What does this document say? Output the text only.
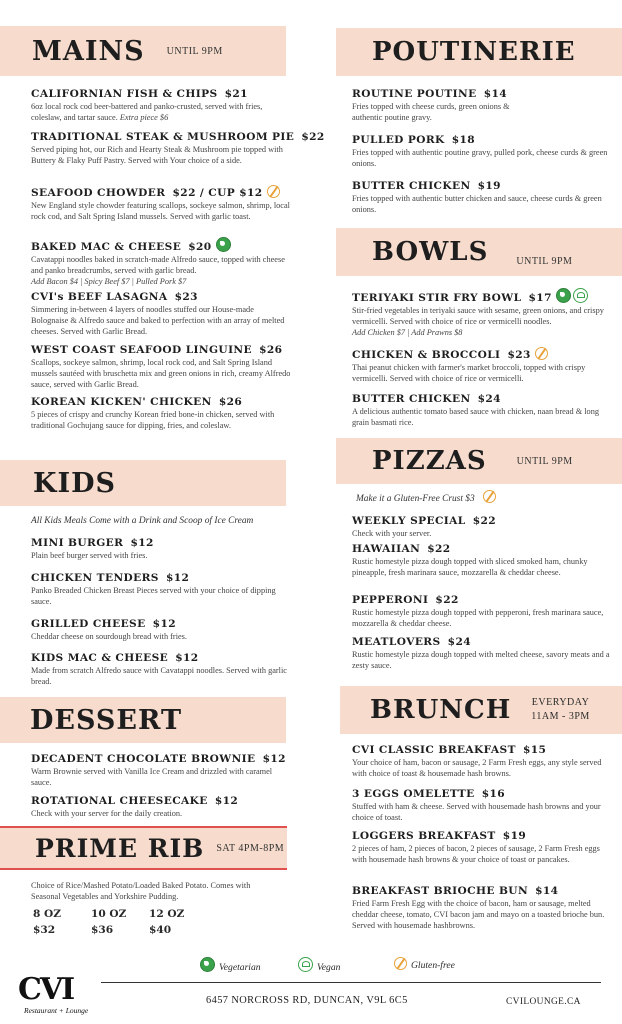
MAINS UNTIL 9PM
CALIFORNIAN FISH & CHIPS $21
6oz local rock cod beer-battered and panko-crusted, served with fries, coleslaw, and tartar sauce. Extra piece $6
TRADITIONAL STEAK & MUSHROOM PIE $22
Served piping hot, our Rich and Hearty Steak & Mushroom pie topped with Buttery & Flaky Puff Pastry. Served with Your choice of a side.
SEAFOOD CHOWDER $22 / CUP $12
New England style chowder featuring scallops, sockeye salmon, shrimp, local rock cod, and Salt Spring Island mussels. Served with garlic toast.
BAKED MAC & CHEESE $20
Cavatappi noodles baked in scratch-made Alfredo sauce, topped with cheese and panko breadcrumbs, served with garlic bread.
Add Bacon $4 | Spicy Beef $7 | Pulled Pork $7
CVI's BEEF LASAGNA $23
Simmering in-between 4 layers of noodles stuffed our House-made Bolognaise & Alfredo sauce and baked to perfection with an array of melted cheeses. Served with Garlic Bread.
WEST COAST SEAFOOD LINGUINE $26
Scallops, sockeye salmon, shrimp, local rock cod, and Salt Spring Island mussels sautéed with bruschetta mix and green onions in rich, creamy Alfredo sauce, served with Garlic Bread.
KOREAN KICKEN' CHICKEN $26
5 pieces of crispy and crunchy Korean fried bone-in chicken, served with traditional Gochujang sauce for dipping, fries, and coleslaw.
KIDS
All Kids Meals Come with a Drink and Scoop of Ice Cream
MINI BURGER $12
Plain beef burger served with fries.
CHICKEN TENDERS $12
Panko Breaded Chicken Breast Pieces served with your choice of dipping sauce.
GRILLED CHEESE $12
Cheddar cheese on sourdough bread with fries.
KIDS MAC & CHEESE $12
Made from scratch Alfredo sauce with Cavatappi noodles. Served with garlic bread.
DESSERT
DECADENT CHOCOLATE BROWNIE $12
Warm Brownie served with Vanilla Ice Cream and drizzled with caramel sauce.
ROTATIONAL CHEESECAKE $12
Check with your server for the daily creation.
PRIME RIB SAT 4PM-8PM
Choice of Rice/Mashed Potato/Loaded Baked Potato. Comes with Seasonal Vegetables and Yorkshire Pudding.
8 OZ	10 OZ 12 OZ
$32	$36	$40
POUTINERIE
ROUTINE POUTINE $14
Fries topped with cheese curds, green onions & authentic poutine gravy.
PULLED PORK $18
Fries topped with authentic poutine gravy, pulled pork, cheese curds & green onions.
BUTTER CHICKEN $19
Fries topped with authentic butter chicken and sauce, cheese curds & green onions.
BOWLS	UNTIL 9PM
TERIYAKI STIR FRY BOWL $17
Stir-fried vegetables in teriyaki sauce with sesame, green onions, and crispy vermicelli. Served with choice of rice or vermicelli noodles.
Add Chicken $7 | Add Prawns $8
CHICKEN & BROCCOLI $23
Thai peanut chicken with farmer's market broccoli, topped with crispy vermicelli. Served with choice of rice or vermicelli.
BUTTER CHICKEN $24
A delicious authentic tomato based sauce with chicken, naan bread & long grain basmati rice.
PIZZAS	UNTIL 9PM
Make it a Gluten-Free Crust $3
WEEKLY SPECIAL $22
Check with your server.
HAWAIIAN $22
Rustic homestyle pizza dough topped with sliced smoked ham, chunky pineapple, fresh marinara sauce, mozzarella & cheddar cheese.
PEPPERONI $22
Rustic homestyle pizza dough topped with pepperoni, fresh marinara sauce, mozzarella & cheddar cheese.
MEATLOVERS $24
Rustic homestyle pizza dough topped with melted cheese, savory meats and a zesty sauce.
BRUNCH EVERYDAY
11AM - 3PM
CVI CLASSIC BREAKFAST $15
Your choice of ham, bacon or sausage, 2 Farm Fresh eggs, any style served with choice of toast & housemade hash browns.
3 EGGS OMELETTE $16
Stuffed with ham & cheese. Served with housemade hash browns and your choice of toast.
LOGGERS BREAKFAST $19
2 pieces of ham, 2 pieces of bacon, 2 pieces of sausage, 2 Farm Fresh eggs with housemade hash browns & your choice of toast or pancakes.
BREAKFAST BRIOCHE BUN $14
Fried Farm Fresh Egg with the choice of bacon, ham or sausage, melted cheddar cheese, tomato, CVI bacon jam and mayo on a toasted brioche bun. Served with housemade hashbrowns.
Vegetarian	Vegan	Gluten-free
CVI
Restaurant + Lounge
6457 NORCROSS RD, DUNCAN, V9L 6C5	CVILOUNGE.CA
